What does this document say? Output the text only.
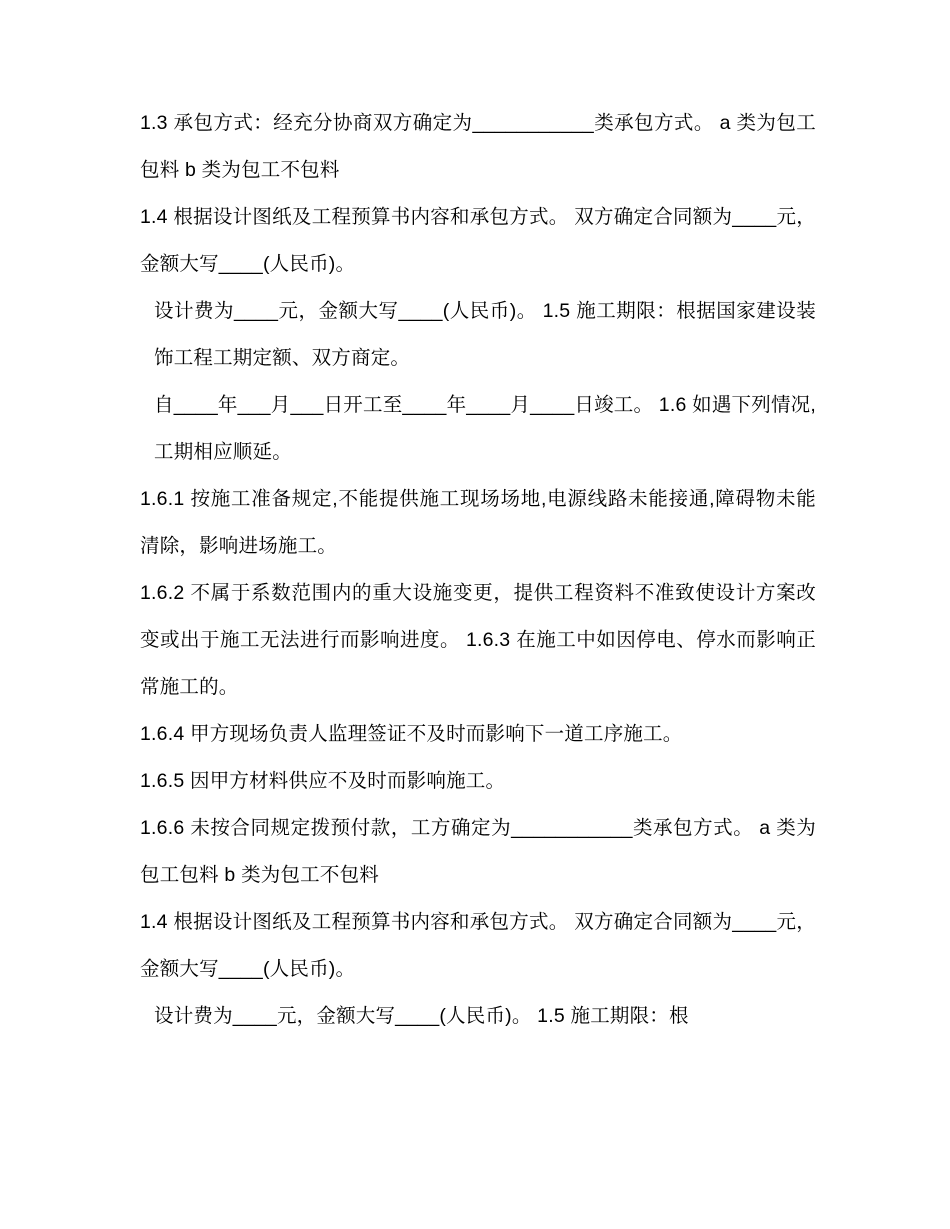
1.3 承包方式：经充分协商双方确定为___________类承包方式。 a 类为包工包料 b 类为包工不包料

1.4 根据设计图纸及工程预算书内容和承包方式。 双方确定合同额为____元，金额大写____(人民币)。

设计费为____元，金额大写____(人民币)。 1.5 施工期限：根据国家建设装饰工程工期定额、双方商定。

自____年___月___日开工至____年____月____日竣工。 1.6 如遇下列情况,工期相应顺延。

1.6.1 按施工准备规定,不能提供施工现场场地,电源线路未能接通,障碍物未能清除，影响进场施工。

1.6.2 不属于系数范围内的重大设施变更，提供工程资料不准致使设计方案改变或出于施工无法进行而影响进度。 1.6.3 在施工中如因停电、停水而影响正常施工的。

1.6.4 甲方现场负责人监理签证不及时而影响下一道工序施工。

1.6.5 因甲方材料供应不及时而影响施工。

1.6.6 未按合同规定拨预付款，工方确定为___________类承包方式。 a 类为包工包料 b 类为包工不包料

1.4 根据设计图纸及工程预算书内容和承包方式。 双方确定合同额为____元，金额大写____(人民币)。

设计费为____元，金额大写____(人民币)。 1.5 施工期限：根
